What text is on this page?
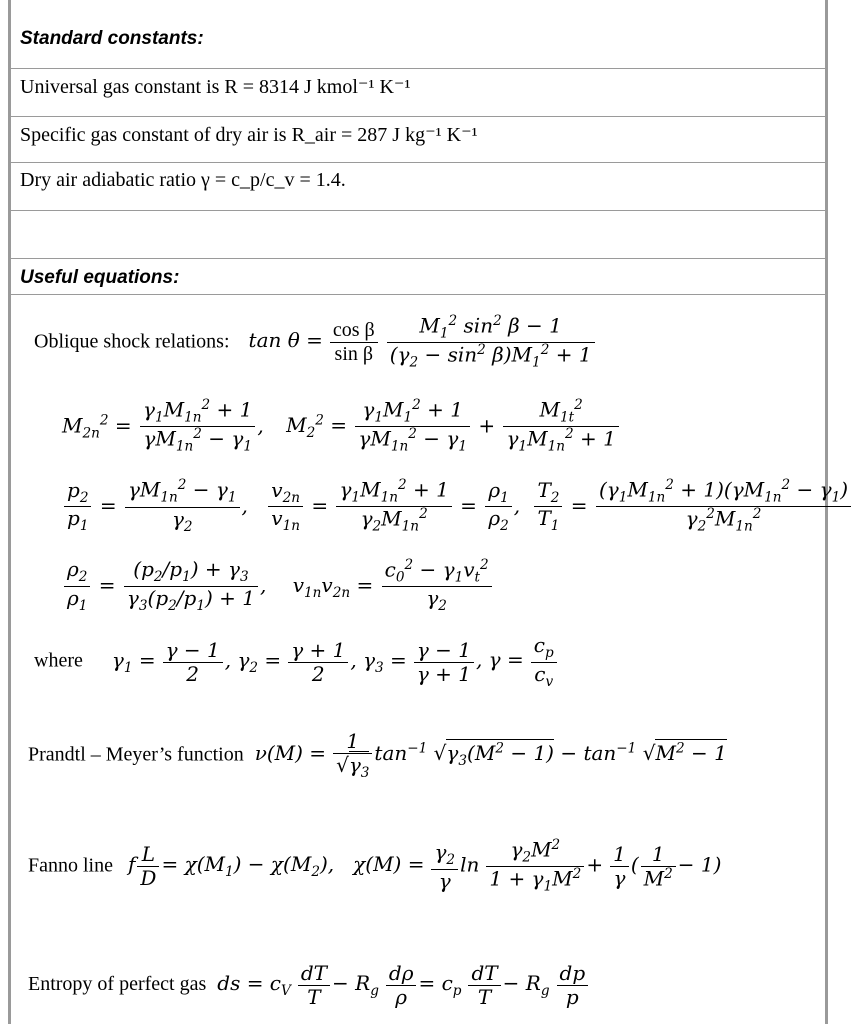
Standard constants:
Universal gas constant is R = 8314 J kmol⁻¹ K⁻¹
Specific gas constant of dry air is R_air = 287 J kg⁻¹ K⁻¹
Dry air adiabatic ratio γ = c_p/c_v = 1.4.
Useful equations:
Oblique shock relations: $\tan \theta = \frac{\text{cos β}}{\text{sin β}}$
$\frac{M_1^2 \sin^2 \beta - 1}{(\gamma_2 - \sin^2 \beta)M_1^2 + 1}$
$M_{2n}^2 = \frac{\gamma_1M_{1n}^2 + 1}{\gamma M_{1n}^2 - \gamma_1}$ , $M_2^2 = \frac{\gamma_1M_1^2 + 1}{\gamma M_{1n}^2 - \gamma_1} + \frac{M_{1t}^2}{\gamma_1M_{1n}^2 + 1}$
$\frac{p_2}{p_1} = \frac{\gamma M_{1n}^2 - \gamma_1}{\gamma_2}$ , $\frac{v_{2n}}{v_{1n}} = \frac{\gamma_1M_{1n}^2 + 1}{\gamma_2M_{1n}^2} = \frac{\rho_1}{\rho_2}$ , $\frac{T_2}{T_1} = \frac{(\gamma_1M_{1n}^2 + 1)(\gamma M_{1n}^2 - \gamma_1)}{\gamma_2^2M_{1n}^2}$
$\frac{\rho_2}{\rho_1} = \frac{(p_2/p_1) + \gamma_3}{\gamma_3(p_2/p_1) + 1}$ , $v_{1n}v_{2n} = \frac{c_0^2 - \gamma_1v_t^2}{\gamma_2}$
where $\gamma_1 = \frac{\gamma - 1}{2}$ , $\gamma_2 = \frac{\gamma + 1}{2}$ , $\gamma_3 = \frac{\gamma - 1}{\gamma + 1}$ , $\gamma = \frac{c_p}{c_v}$
Prandtl – Meyer’s function $\nu(M) = \frac{1}{√\gamma_3} \tan^{-1} √\gamma_3(M^2 - 1) - \tan^{-1} √M^2 - 1$
Fanno line f $\frac{L}{D} = \chi(M_1) - \chi(M_2)$, $\chi(M) = \frac{\gamma_2}{\gamma}$ $\ln \frac{\gamma_2M^2}{1 + \gamma_1M^2} + \frac{1}{\gamma}$ ( $\frac{1}{M^2} - 1$)
Entropy of perfect gas ds = $c_V \frac{dT}{T} - R_g \frac{d\rho}{\rho} = c_p \frac{dT}{T} - R_g \frac{dp}{p}$
